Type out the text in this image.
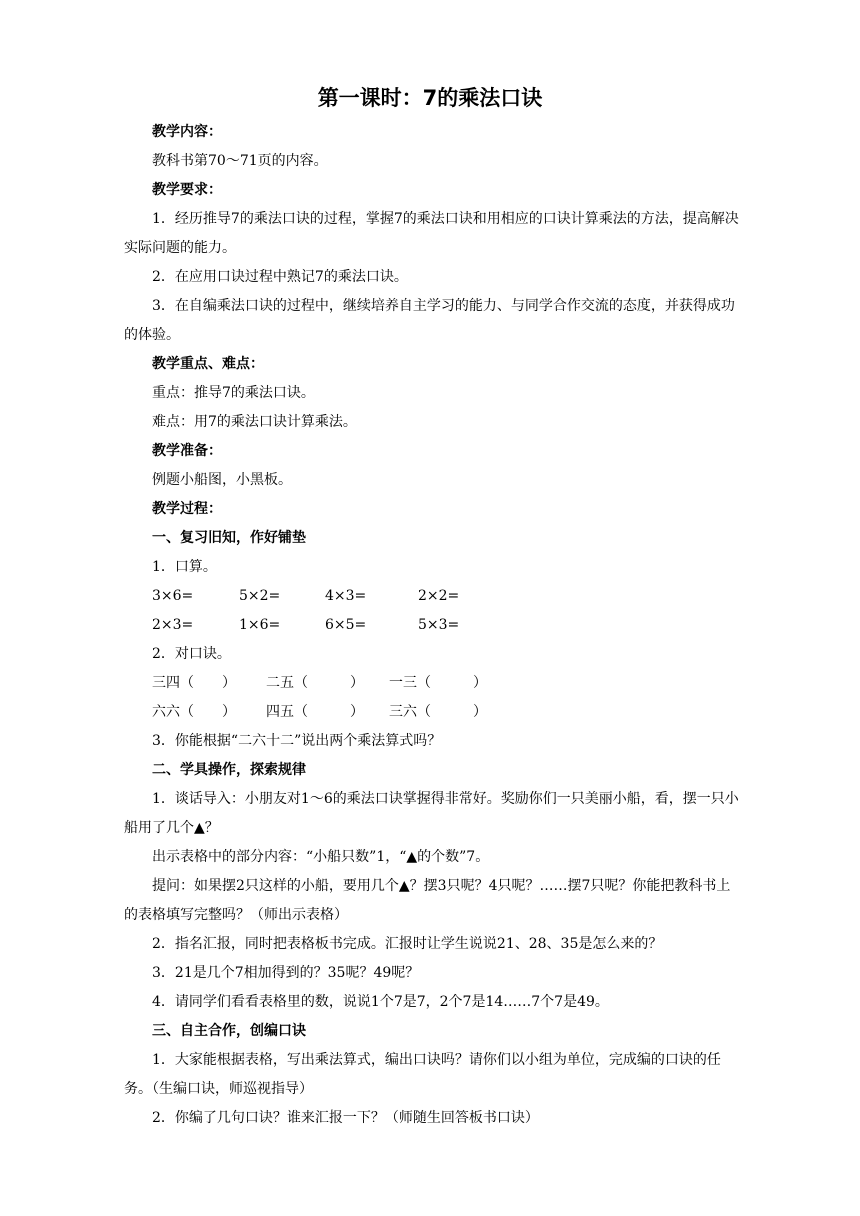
第一课时：7的乘法口诀

教学内容：

教科书第70～71页的内容。

教学要求：

1．经历推导7的乘法口诀的过程，掌握7的乘法口诀和用相应的口诀计算乘法的方法，提高解决实际问题的能力。

2．在应用口诀过程中熟记7的乘法口诀。

3．在自编乘法口诀的过程中，继续培养自主学习的能力、与同学合作交流的态度，并获得成功的体验。

教学重点、难点：

重点：推导7的乘法口诀。

难点：用7的乘法口诀计算乘法。

教学准备：

例题小船图，小黑板。

教学过程：

一、复习旧知，作好铺垫

1．口算。

3×6=	5×2=	4×3=	2×2=
2×3=	1×6=	6×5=	5×3=

2．对口诀。

三四（　　）	二五（　　　）	一三（　　　）
六六（　　）	四五（　　　）	三六（　　　）

3．你能根据“二六十二”说出两个乘法算式吗？

二、学具操作，探索规律

1．谈话导入：小朋友对1～6的乘法口诀掌握得非常好。奖励你们一只美丽小船，看，摆一只小船用了几个▲？

出示表格中的部分内容：“小船只数”1，“▲的个数”7。

提问：如果摆2只这样的小船，要用几个▲？摆3只呢？4只呢？……摆7只呢？你能把教科书上的表格填写完整吗？（师出示表格）

2．指名汇报，同时把表格板书完成。汇报时让学生说说21、28、35是怎么来的？

3．21是几个7相加得到的？35呢？49呢？

4．请同学们看看表格里的数，说说1个7是7，2个7是14……7个7是49。

三、自主合作，创编口诀

1．大家能根据表格，写出乘法算式，编出口诀吗？请你们以小组为单位，完成编的口诀的任务。（生编口诀，师巡视指导）

2．你编了几句口诀？谁来汇报一下？（师随生回答板书口诀）
